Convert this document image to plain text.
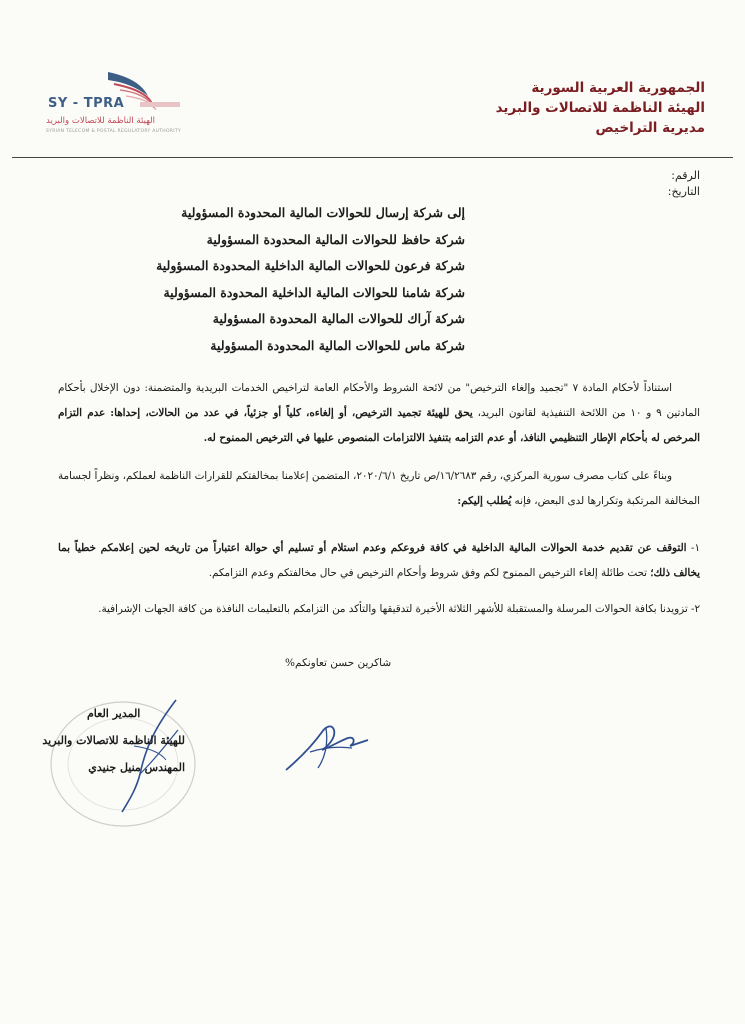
SY - TPRA
الهيئة الناظمة للاتصالات والبريد
SYRIAN TELECOM & POSTAL REGULATORY AUTHORITY
الجمهورية العربية السورية
الهيئة الناظمة للاتصالات والبريد
مديرية التراخيص
الرقم:
التاريخ:
إلى شركة إرسال للحوالات المالية المحدودة المسؤولية
شركة حافظ للحوالات المالية المحدودة المسؤولية
شركة فرعون للحوالات المالية الداخلية المحدودة المسؤولية
شركة شامنا للحوالات المالية الداخلية المحدودة المسؤولية
شركة آراك للحوالات المالية المحدودة المسؤولية
شركة ماس للحوالات المالية المحدودة المسؤولية
استناداً لأحكام المادة ٧ "تجميد وإلغاء الترخيص" من لائحة الشروط والأحكام العامة لتراخيص الخدمات البريدية والمتضمنة: دون الإخلال بأحكام المادتين ٩ و ١٠ من اللائحة التنفيذية لقانون البريد، يحق للهيئة تجميد الترخيص، أو إلغاءه، كلياً أو جزئياً، في عدد من الحالات، إحداها: عدم التزام المرخص له بأحكام الإطار التنظيمي النافذ، أو عدم التزامه بتنفيذ الالتزامات المنصوص عليها في الترخيص الممنوح له.
وبناءً على كتاب مصرف سورية المركزي، رقم ١٦/٢٦٨٣/ص تاريخ ٢٠٢٠/٦/١، المتضمن إعلامنا بمخالفتكم للقرارات الناظمة لعملكم، ونظراً لجسامة المخالفة المرتكبة وتكرارها لدى البعض، فإنه يُطلب إليكم:
١- التوقف عن تقديم خدمة الحوالات المالية الداخلية في كافة فروعكم وعدم استلام أو تسليم أي حوالة اعتباراً من تاريخه لحين إعلامكم خطياً بما يخالف ذلك؛ تحت طائلة إلغاء الترخيص الممنوح لكم وفق شروط وأحكام الترخيص في حال مخالفتكم وعدم التزامكم.
٢- تزويدنا بكافة الحوالات المرسلة والمستقبلة للأشهر الثلاثة الأخيرة لتدقيقها والتأكد من التزامكم بالتعليمات النافذة من كافة الجهات الإشرافية.
شاكرين حسن تعاونكم%
المدير العام
للهيئة الناظمة للاتصالات والبريد
المهندس منيل جنيدي
